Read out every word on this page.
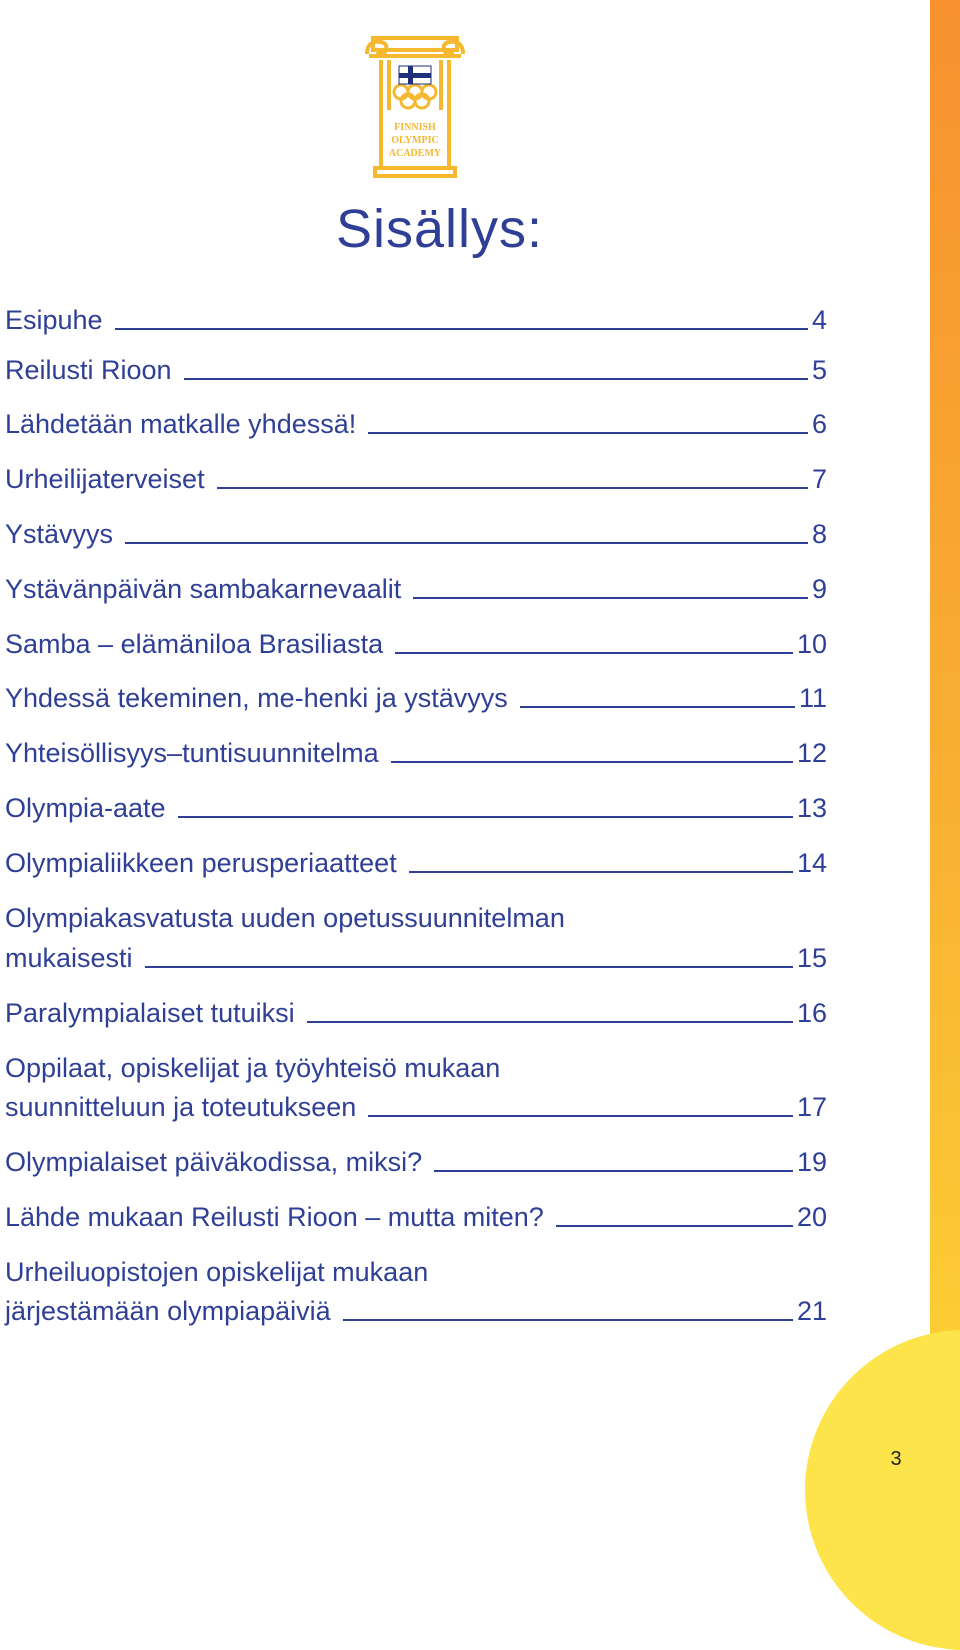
3
FINNISH
OLYMPIC
ACADEMY
Sisällys:
Esipuhe	4
Reilusti Rioon	5
Lähdetään matkalle yhdessä!	6
Urheilijaterveiset	7
Ystävyys	8
Ystävänpäivän sambakarnevaalit	9
Samba – elämäniloa Brasiliasta	10
Yhdessä tekeminen, me-henki ja ystävyys	11
Yhteisöllisyys–tuntisuunnitelma	12
Olympia-aate	13
Olympialiikkeen perusperiaatteet	14
Olympiakasvatusta uuden opetussuunnitelman
mukaisesti	15
Paralympialaiset tutuiksi	16
Oppilaat, opiskelijat ja työyhteisö mukaan
suunnitteluun ja toteutukseen	17
Olympialaiset päiväkodissa, miksi?	19
Lähde mukaan Reilusti Rioon – mutta miten?	20
Urheiluopistojen opiskelijat mukaan
järjestämään olympiapäiviä	21
